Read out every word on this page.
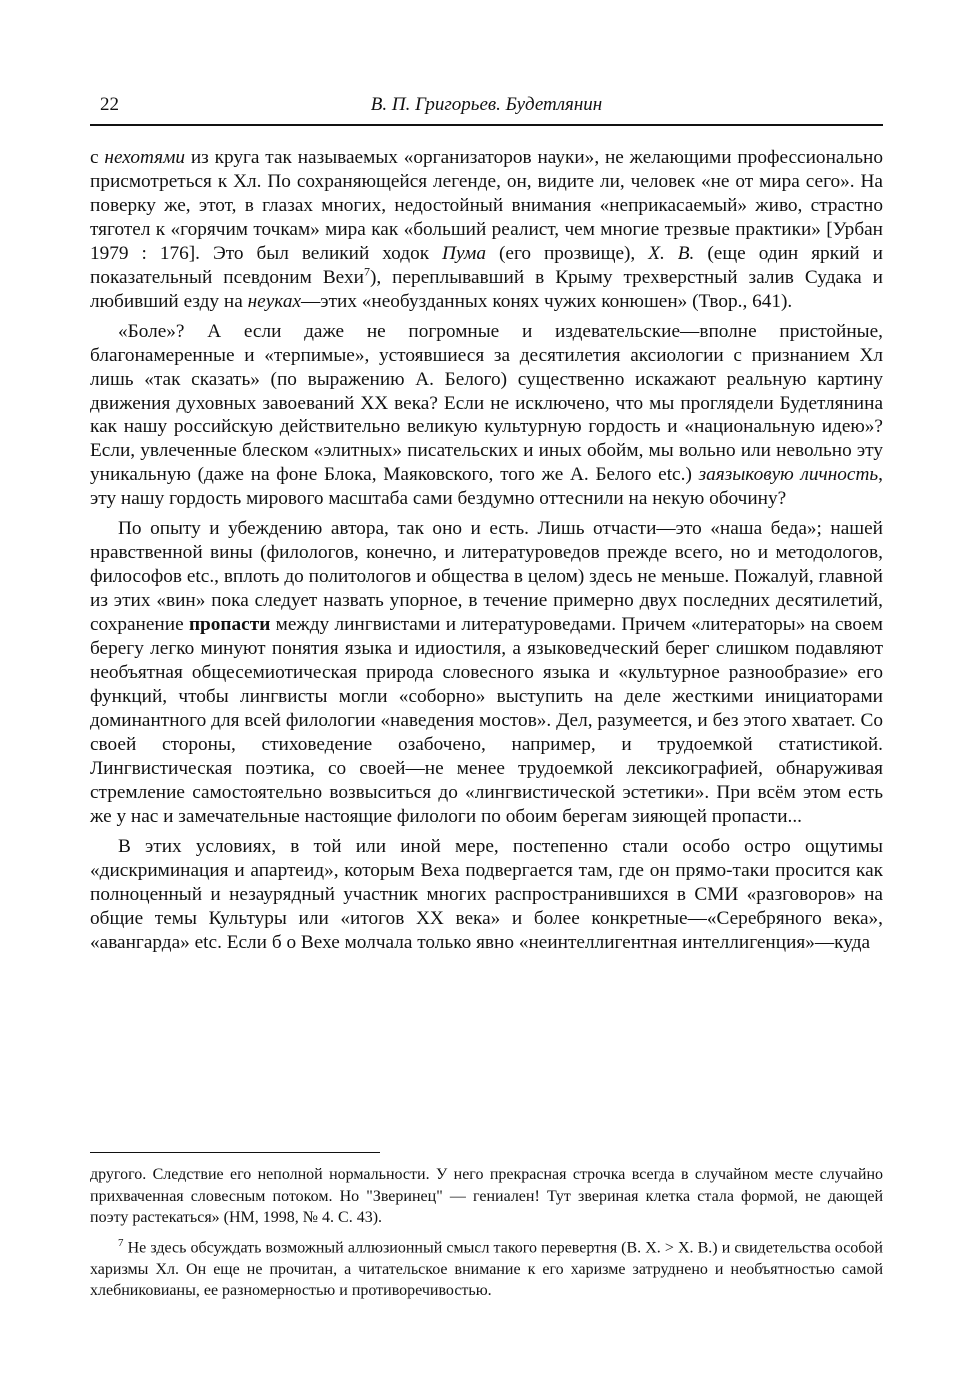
22	В. П. Григорьев. Будетлянин

с нехотями из круга так называемых «организаторов науки», не желающими профессионально присмотреться к Хл. По сохраняющейся легенде, он, видите ли, человек «не от мира сего». На поверку же, этот, в глазах многих, недостойный внимания «неприкасаемый» живо, страстно тяготел к «горячим точкам» мира как «больший реалист, чем многие трезвые практики» [Урбан 1979 : 176]. Это был великий ходок Пума (его прозвище), X. В. (еще один яркий и показательный псевдоним Вехи$^7$), переплывавший в Крыму трехверстный залив Судака и любивший езду на неуках—этих «необузданных конях чужих конюшен» (Твор., 641).

«Боле»? А если даже не погромные и издевательские—вполне пристойные, благонамеренные и «терпимые», устоявшиеся за десятилетия аксиологии с признанием Хл лишь «так сказать» (по выражению А. Белого) существенно искажают реальную картину движения духовных завоеваний XX века? Если не исключено, что мы проглядели Будетлянина как нашу российскую действительно великую культурную гордость и «национальную идею»? Если, увлеченные блеском «элитных» писательских и иных обойм, мы вольно или невольно эту уникальную (даже на фоне Блока, Маяковского, того же А. Белого etc.) заязыковую личность, эту нашу гордость мирового масштаба сами бездумно оттеснили на некую обочину?

По опыту и убеждению автора, так оно и есть. Лишь отчасти—это «наша беда»; нашей нравственной вины (филологов, конечно, и литературоведов прежде всего, но и методологов, философов etc., вплоть до политологов и общества в целом) здесь не меньше. Пожалуй, главной из этих «вин» пока следует назвать упорное, в течение примерно двух последних десятилетий, сохранение пропасти между лингвистами и литературоведами. Причем «литераторы» на своем берегу легко минуют понятия языка и идиостиля, а языковедческий берег слишком подавляют необъятная общесемиотическая природа словесного языка и «культурное разнообразие» его функций, чтобы лингвисты могли «соборно» выступить на деле жесткими инициаторами доминантного для всей филологии «наведения мостов». Дел, разумеется, и без этого хватает. Со своей стороны, стиховедение озабочено, например, и трудоемкой статистикой. Лингвистическая поэтика, со своей—не менее трудоемкой лексикографией, обнаруживая стремление самостоятельно возвыситься до «лингвистической эстетики». При всём этом есть же у нас и замечательные настоящие филологи по обоим берегам зияющей пропасти...

В этих условиях, в той или иной мере, постепенно стали особо остро ощутимы «дискриминация и апартеид», которым Веха подвергается там, где он прямо-таки просится как полноценный и незаурядный участник многих распространившихся в СМИ «разговоров» на общие темы Культуры или «итогов XX века» и более конкретные—«Серебряного века», «авангарда» etc. Если б о Вехе молчала только явно «неинтеллигентная интеллигенция»—куда

другого. Следствие его неполной нормальности. У него прекрасная строчка всегда в случайном месте случайно прихваченная словесным потоком. Но "Зверинец" — гениален! Тут звериная клетка стала формой, не дающей поэту растекаться» (НМ, 1998, № 4. С. 43).

$^7$ Не здесь обсуждать возможный аллюзионный смысл такого перевертня (В. X. > X. В.) и свидетельства особой харизмы Хл. Он еще не прочитан, а читательское внимание к его харизме затруднено и необъятностью самой хлебниковианы, ее разномерностью и противоречивостью.
